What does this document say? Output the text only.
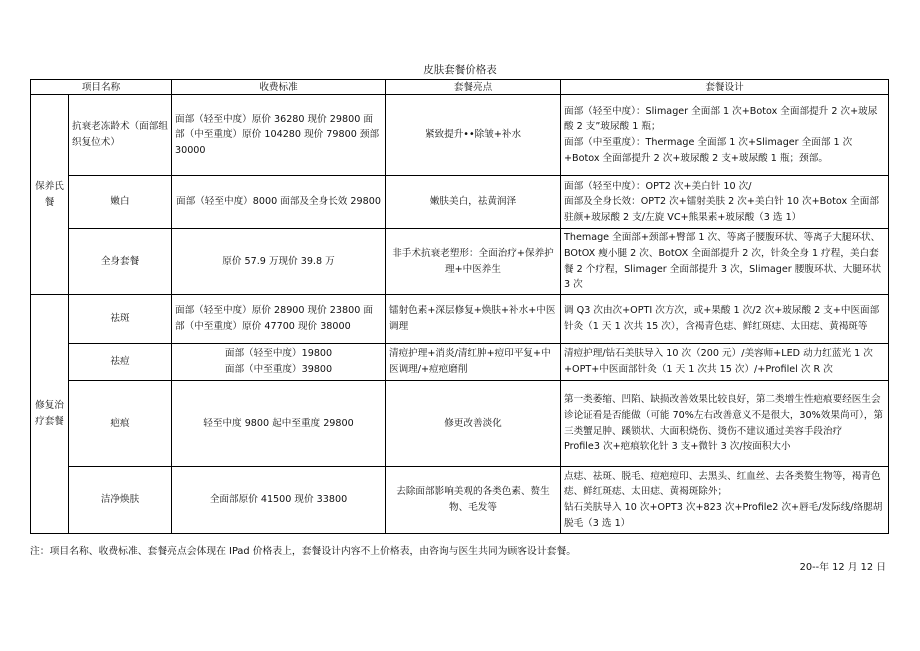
皮肤套餐价格表
项目名称		收费标准	套餐亮点	套餐设计
保养氏餐	抗衰老冻龄术（面部组织复位术）	面部（轻至中度）原价 36280 现价 29800 面部（中至重度）原价 104280 现价 79800 颈部 30000	紧致提升••除皱+补水	面部（轻至中度）：Slimager 全面部 1 次+Botox 全面部提升 2 次+玻尿酸 2 支”玻尿酸 1 瓶；
面部（中至重度）：Thermage 全面部 1 次+Slimager 全面部 1 次+Botox 全面部提升 2 次+玻尿酸 2 支+玻尿酸 1 瓶；颈部。
	嫩白	面部（轻至中度）8000 面部及全身长效 29800	嫩肤美白，祛黄润泽	面部（轻至中度）：OPT2 次+美白针 10 次/
面部及全身长效：OPT2 次+镭射美肤 2 次+美白针 10 次+Botox 全面部驻颜+玻尿酸 2 支/左旋 VC+熊果素+玻尿酸（3 选 1）
	全身套餐	原价 57.9 万现价 39.8 万	非手术抗衰老塑形：全面治疗+保养护理+中医养生	Themage 全面部+颈部+臀部 1 次、等离子腰腹环状、等离子大腿环状、BOtOX 瘦小腿 2 次、BotOX 全面部提升 2 次，针灸全身 1 疗程，美白套餐 2 个疗程，Slimager 全面部提升 3 次，Slimager 腰腹环状、大腿环状 3 次
修复治疗套餐	祛斑	面部（轻至中度）原价 28900 现价 23800 面部（中至重度）原价 47700 现价 38000	镭射色素+深层修复+焕肤+补水+中医调理	调 Q3 次由次+OPTI 次方次，或+果酸 1 次/2 次+玻尿酸 2 支+中医面部针灸（1 天 1 次共 15 次），含褐青色痣、鲜红斑痣、太田痣、黄褐斑等
	祛痘	面部（轻至中度）19800
面部（中至重度）39800	清痘护理+消炎/清红肿+痘印平复+中医调理/+痘疤磨削	清痘护理/钻石美肤导入 10 次（200 元）/美容师+LED 动力红蓝光 1 次+OPT+中医面部针灸（1 天 1 次共 15 次）/+Profilel 次 R 次
	疤痕	轻至中度 9800 起中至重度 29800	修更改善淡化	第一类萎缩、凹陷、缺损改善效果比较良好，第二类增生性疤痕要经医生会诊论证看是否能做（可能 70%左右改善意义不是很大，30%效果尚可），第三类蟹足肿、蹊锁状、大面积烧伤、烫伤不建议通过美容手段治疗
Profile3 次+疤痕软化针 3 支+微针 3 次/按面积大小
	洁净焕肤	全面部原价 41500 现价 33800	去除面部影响美观的各类色素、赘生物、毛发等	点痣、祛斑、脱毛、痘疤痘印、去黑头、红血丝、去各类赘生物等，褐青色痣、鲜红斑痣、太田痣、黄褐斑除外；
钻石美肤导入 10 次+OPT3 次+823 次+Profile2 次+唇毛/发际线/络腮胡脱毛（3 选 1）
注：项目名称、收费标准、套餐亮点会体现在 IPad 价格表上，套餐设计内容不上价格表，由咨询与医生共同为顾客设计套餐。
20--年 12 月 12 日
